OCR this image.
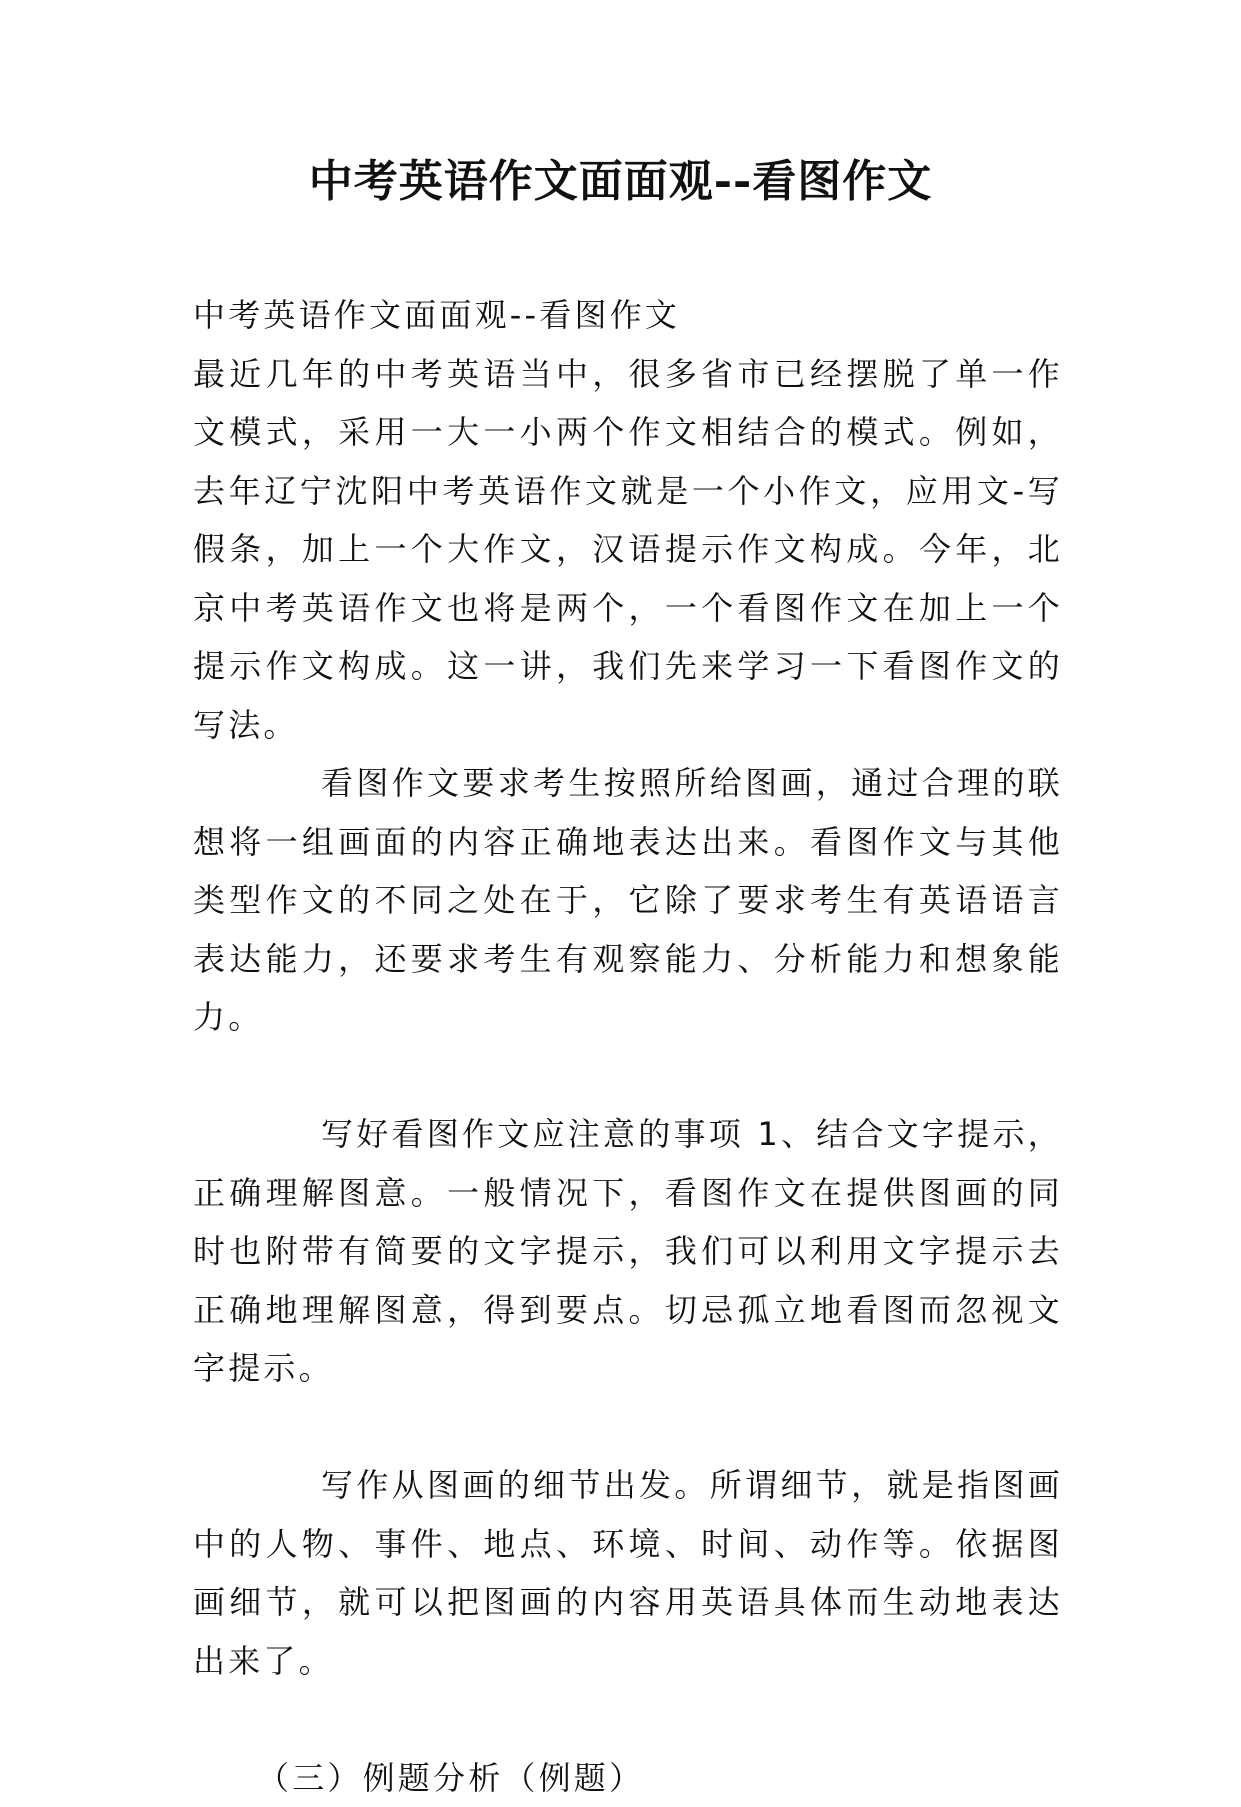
中考英语作文面面观--看图作文

中考英语作文面面观--看图作文

最近几年的中考英语当中，很多省市已经摆脱了单一作文模式，采用一大一小两个作文相结合的模式。例如，去年辽宁沈阳中考英语作文就是一个小作文，应用文-写假条，加上一个大作文，汉语提示作文构成。今年，北京中考英语作文也将是两个，一个看图作文在加上一个提示作文构成。这一讲，我们先来学习一下看图作文的写法。

看图作文要求考生按照所给图画，通过合理的联想将一组画面的内容正确地表达出来。看图作文与其他类型作文的不同之处在于，它除了要求考生有英语语言表达能力，还要求考生有观察能力、分析能力和想象能力。

写好看图作文应注意的事项 1、结合文字提示，正确理解图意。一般情况下，看图作文在提供图画的同时也附带有简要的文字提示，我们可以利用文字提示去正确地理解图意，得到要点。切忌孤立地看图而忽视文字提示。

写作从图画的细节出发。所谓细节，就是指图画中的人物、事件、地点、环境、时间、动作等。依据图画细节，就可以把图画的内容用英语具体而生动地表达出来了。

（三）例题分析（例题）
